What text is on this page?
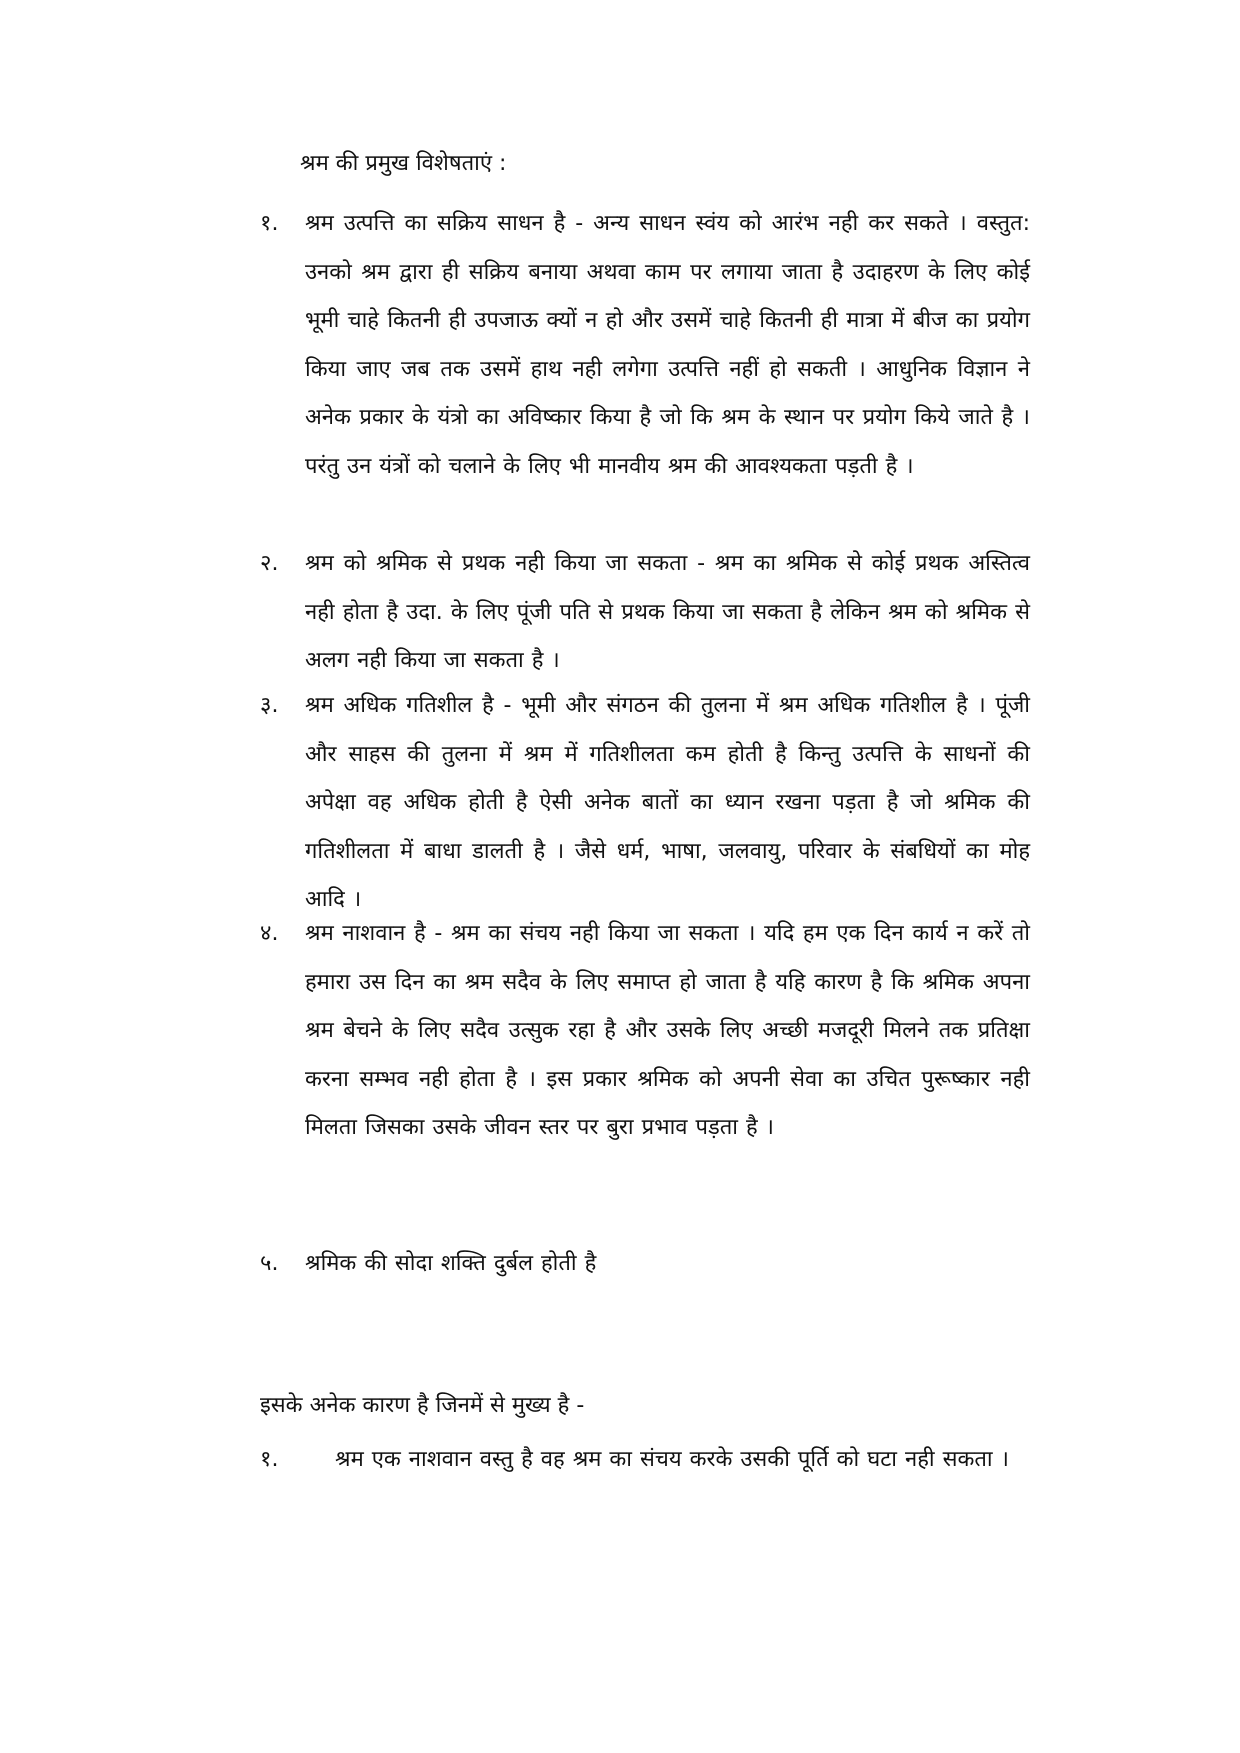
श्रम की प्रमुख विशेषताएं :
१. श्रम उत्पत्ति का सक्रिय साधन है - अन्य साधन स्वंय को आरंभ नही कर सकते । वस्तुत: उनको श्रम द्वारा ही सक्रिय बनाया अथवा काम पर लगाया जाता है उदाहरण के लिए कोई भूमी चाहे कितनी ही उपजाऊ क्यों न हो और उसमें चाहे कितनी ही मात्रा में बीज का प्रयोग किया जाए जब तक उसमें हाथ नही लगेगा उत्पत्ति नहीं हो सकती । आधुनिक विज्ञान ने अनेक प्रकार के यंत्रो का अविष्कार किया है जो कि श्रम के स्थान पर प्रयोग किये जाते है । परंतु उन यंत्रों को चलाने के लिए भी मानवीय श्रम की आवश्यकता पड़ती है ।
२. श्रम को श्रमिक से प्रथक नही किया जा सकता - श्रम का श्रमिक से कोई प्रथक अस्तित्व नही होता है उदा. के लिए पूंजी पति से प्रथक किया जा सकता है लेकिन श्रम को श्रमिक से अलग नही किया जा सकता है ।
३. श्रम अधिक गतिशील है - भूमी और संगठन की तुलना में श्रम अधिक गतिशील है । पूंजी और साहस की तुलना में श्रम में गतिशीलता कम होती है किन्तु उत्पत्ति के साधनों की अपेक्षा वह अधिक होती है ऐसी अनेक बातों का ध्यान रखना पड़ता है जो श्रमिक की गतिशीलता में बाधा डालती है । जैसे धर्म, भाषा, जलवायु, परिवार के संबधियों का मोह आदि ।
४. श्रम नाशवान है - श्रम का संचय नही किया जा सकता । यदि हम एक दिन कार्य न करें तो हमारा उस दिन का श्रम सदैव के लिए समाप्त हो जाता है यहि कारण है कि श्रमिक अपना श्रम बेचने के लिए सदैव उत्सुक रहा है और उसके लिए अच्छी मजदूरी मिलने तक प्रतिक्षा करना सम्भव नही होता है । इस प्रकार श्रमिक को अपनी सेवा का उचित पुरूष्कार नही मिलता जिसका उसके जीवन स्तर पर बुरा प्रभाव पड़ता है ।
५. श्रमिक की सोदा शक्ति दुर्बल होती है
इसके अनेक कारण है जिनमें से मुख्य है -
१.	श्रम एक नाशवान वस्तु है वह श्रम का संचय करके उसकी पूर्ति को घटा नही सकता ।
